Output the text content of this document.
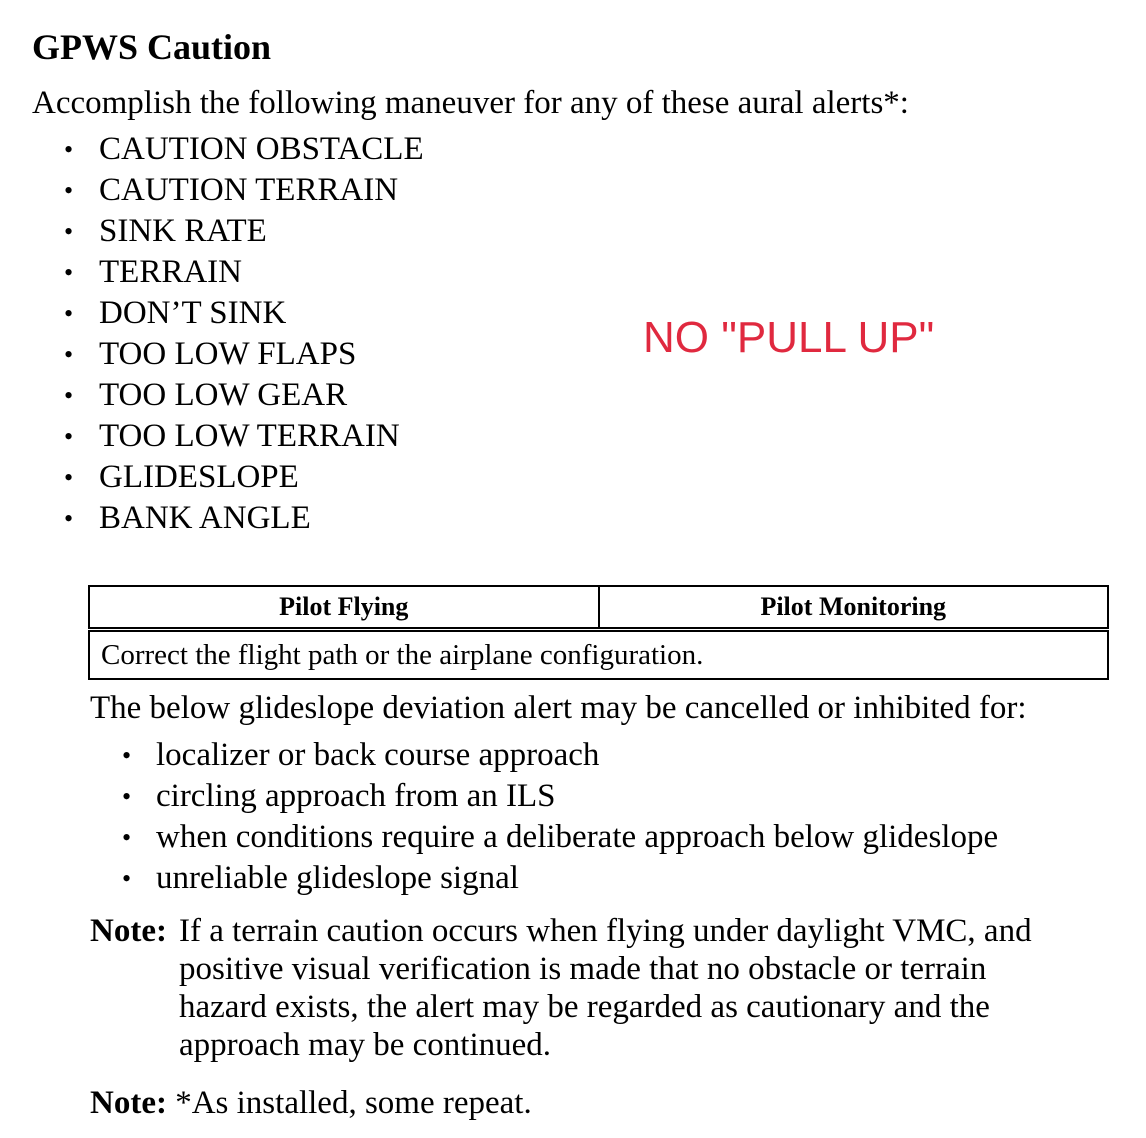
GPWS Caution

Accomplish the following maneuver for any of these aural alerts*:

• CAUTION OBSTACLE
• CAUTION TERRAIN
• SINK RATE
• TERRAIN
• DON’T SINK
• TOO LOW FLAPS
• TOO LOW GEAR
• TOO LOW TERRAIN
• GLIDESLOPE
• BANK ANGLE
NO "PULL UP"
Pilot Flying	Pilot Monitoring
Correct the flight path or the airplane configuration.

The below glideslope deviation alert may be cancelled or inhibited for:

• localizer or back course approach
• circling approach from an ILS
• when conditions require a deliberate approach below glideslope
• unreliable glideslope signal
Note: If a terrain caution occurs when flying under daylight VMC, and
positive visual verification is made that no obstacle or terrain
hazard exists, the alert may be regarded as cautionary and the
approach may be continued.
Note: *As installed, some repeat.
